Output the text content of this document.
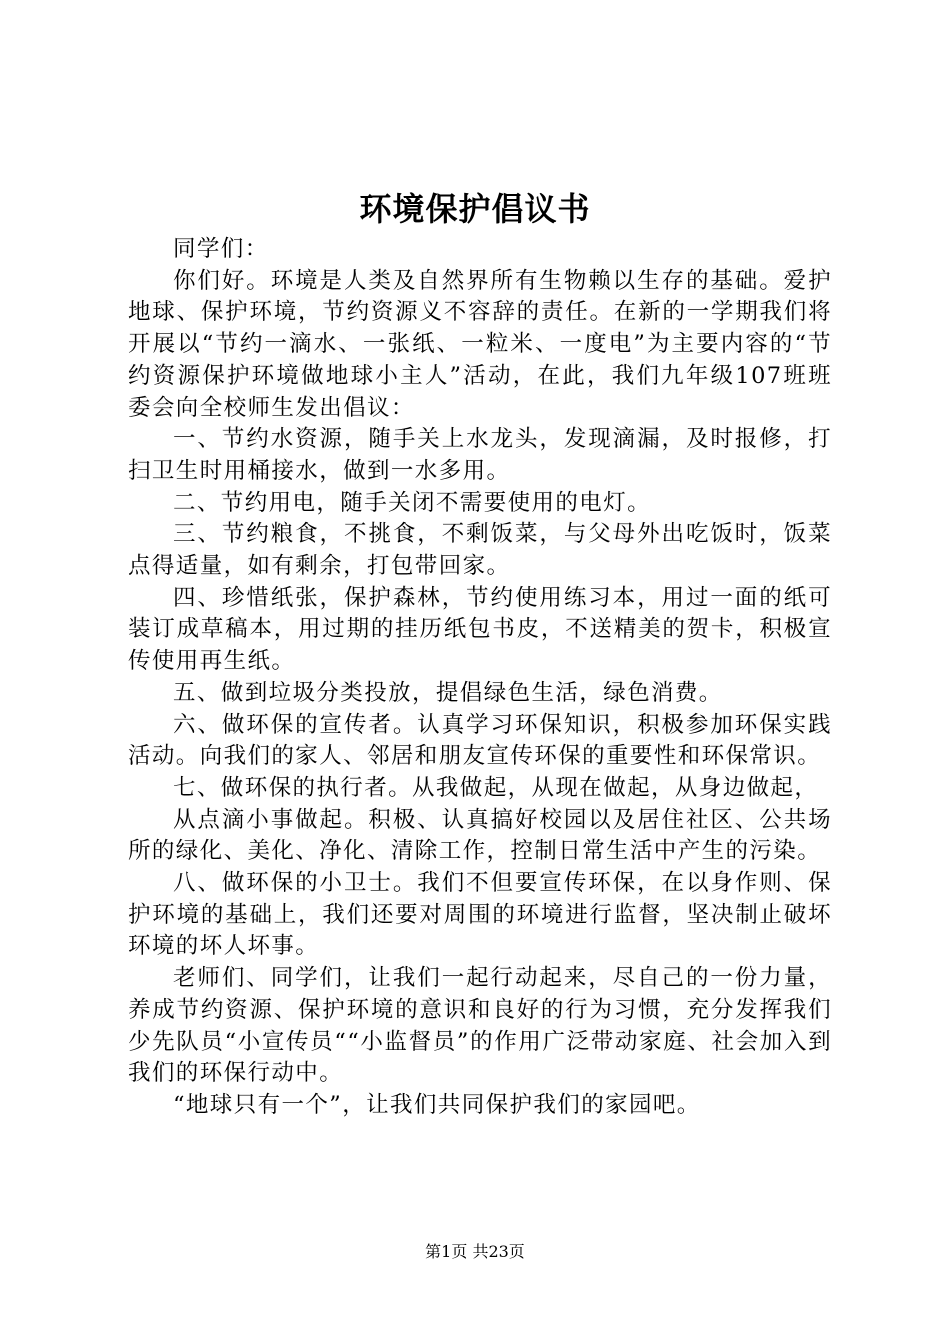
环境保护倡议书

同学们：

你们好。环境是人类及自然界所有生物赖以生存的基础。爱护地球、保护环境，节约资源义不容辞的责任。在新的一学期我们将开展以“节约一滴水、一张纸、一粒米、一度电”为主要内容的“节约资源保护环境做地球小主人”活动，在此，我们九年级107班班委会向全校师生发出倡议：

一、节约水资源，随手关上水龙头，发现滴漏，及时报修，打扫卫生时用桶接水，做到一水多用。

二、节约用电，随手关闭不需要使用的电灯。

三、节约粮食，不挑食，不剩饭菜，与父母外出吃饭时，饭菜点得适量，如有剩余，打包带回家。

四、珍惜纸张，保护森林，节约使用练习本，用过一面的纸可装订成草稿本，用过期的挂历纸包书皮，不送精美的贺卡，积极宣传使用再生纸。

五、做到垃圾分类投放，提倡绿色生活，绿色消费。

六、做环保的宣传者。认真学习环保知识，积极参加环保实践活动。向我们的家人、邻居和朋友宣传环保的重要性和环保常识。

七、做环保的执行者。从我做起，从现在做起，从身边做起，

从点滴小事做起。积极、认真搞好校园以及居住社区、公共场所的绿化、美化、净化、清除工作，控制日常生活中产生的污染。

八、做环保的小卫士。我们不但要宣传环保，在以身作则、保护环境的基础上，我们还要对周围的环境进行监督，坚决制止破坏环境的坏人坏事。

老师们、同学们，让我们一起行动起来，尽自己的一份力量，养成节约资源、保护环境的意识和良好的行为习惯，充分发挥我们少先队员“小宣传员““小监督员”的作用广泛带动家庭、社会加入到我们的环保行动中。

“地球只有一个”，让我们共同保护我们的家园吧。

第1页 共23页
